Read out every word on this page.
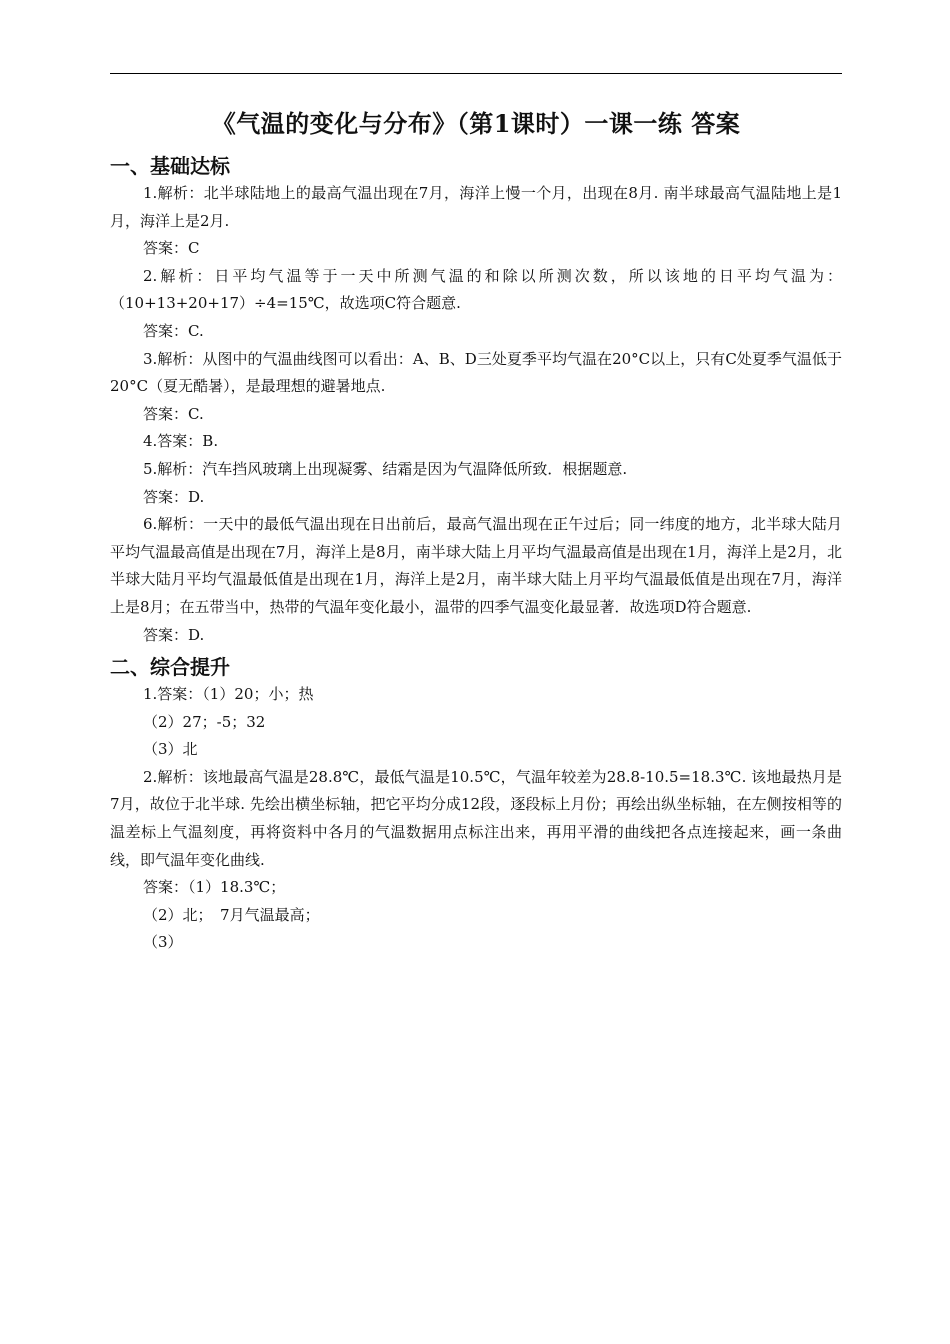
《气温的变化与分布》（第1课时）一课一练 答案
一、基础达标

1.解析：北半球陆地上的最高气温出现在7月，海洋上慢一个月，出现在8月. 南半球最高气温陆地上是1月，海洋上是2月.

答案：C

2.解析：日平均气温等于一天中所测气温的和除以所测次数，所以该地的日平均气温为：（10+13+20+17）÷4=15℃，故选项C符合题意.

答案：C.

3.解析：从图中的气温曲线图可以看出：A、B、D三处夏季平均气温在20°C以上，只有C处夏季气温低于20°C（夏无酷暑），是最理想的避暑地点.

答案：C.

4.答案：B.

5.解析：汽车挡风玻璃上出现凝雾、结霜是因为气温降低所致．根据题意.

答案：D.

6.解析：一天中的最低气温出现在日出前后，最高气温出现在正午过后；同一纬度的地方，北半球大陆月平均气温最高值是出现在7月，海洋上是8月，南半球大陆上月平均气温最高值是出现在1月，海洋上是2月，北半球大陆月平均气温最低值是出现在1月，海洋上是2月，南半球大陆上月平均气温最低值是出现在7月，海洋上是8月；在五带当中，热带的气温年变化最小，温带的四季气温变化最显著．故选项D符合题意.

答案：D.

二、综合提升

1.答案：（1）20；小；热

（2）27；-5；32

（3）北

2.解析：该地最高气温是28.8℃，最低气温是10.5℃，气温年较差为28.8-10.5=18.3℃. 该地最热月是7月，故位于北半球. 先绘出横坐标轴，把它平均分成12段，逐段标上月份；再绘出纵坐标轴，在左侧按相等的温差标上气温刻度，再将资料中各月的气温数据用点标注出来，再用平滑的曲线把各点连接起来，画一条曲线，即气温年变化曲线.

答案：（1）18.3℃；

（2）北；　7月气温最高；

（3）
